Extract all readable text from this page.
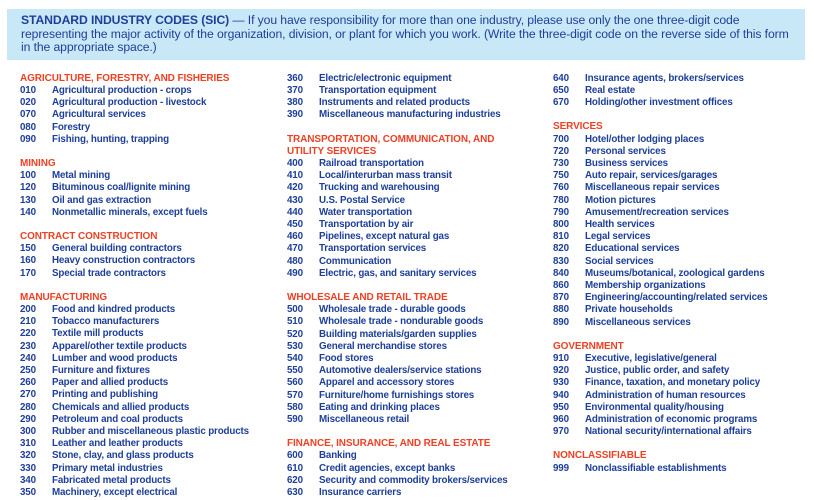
STANDARD INDUSTRY CODES (SIC) — If you have responsibility for more than one industry, please use only the one three-digit code representing the major activity of the organization, division, or plant for which you work. (Write the three-digit code on the reverse side of this form in the appropriate space.)
AGRICULTURE, FORESTRY, AND FISHERIES
010	Agricultural production - crops
020	Agricultural production - livestock
070	Agricultural services
080	Forestry
090	Fishing, hunting, trapping
MINING
100	Metal mining
120	Bituminous coal/lignite mining
130	Oil and gas extraction
140	Nonmetallic minerals, except fuels
CONTRACT CONSTRUCTION
150	General building contractors
160	Heavy construction contractors
170	Special trade contractors
MANUFACTURING
200	Food and kindred products
210	Tobacco manufacturers
220	Textile mill products
230	Apparel/other textile products
240	Lumber and wood products
250	Furniture and fixtures
260	Paper and allied products
270	Printing and publishing
280	Chemicals and allied products
290	Petroleum and coal products
300	Rubber and miscellaneous plastic products
310	Leather and leather products
320	Stone, clay, and glass products
330	Primary metal industries
340	Fabricated metal products
350	Machinery, except electrical
360	Electric/electronic equipment
370	Transportation equipment
380	Instruments and related products
390	Miscellaneous manufacturing industries
TRANSPORTATION, COMMUNICATION, AND UTILITY SERVICES
400	Railroad transportation
410	Local/interurban mass transit
420	Trucking and warehousing
430	U.S. Postal Service
440	Water transportation
450	Transportation by air
460	Pipelines, except natural gas
470	Transportation services
480	Communication
490	Electric, gas, and sanitary services
WHOLESALE AND RETAIL TRADE
500	Wholesale trade - durable goods
510	Wholesale trade - nondurable goods
520	Building materials/garden supplies
530	General merchandise stores
540	Food stores
550	Automotive dealers/service stations
560	Apparel and accessory stores
570	Furniture/home furnishings stores
580	Eating and drinking places
590	Miscellaneous retail
FINANCE, INSURANCE, AND REAL ESTATE
600	Banking
610	Credit agencies, except banks
620	Security and commodity brokers/services
630	Insurance carriers
640	Insurance agents, brokers/services
650	Real estate
670	Holding/other investment offices
SERVICES
700	Hotel/other lodging places
720	Personal services
730	Business services
750	Auto repair, services/garages
760	Miscellaneous repair services
780	Motion pictures
790	Amusement/recreation services
800	Health services
810	Legal services
820	Educational services
830	Social services
840	Museums/botanical, zoological gardens
860	Membership organizations
870	Engineering/accounting/related services
880	Private households
890	Miscellaneous services
GOVERNMENT
910	Executive, legislative/general
920	Justice, public order, and safety
930	Finance, taxation, and monetary policy
940	Administration of human resources
950	Environmental quality/housing
960	Administration of economic programs
970	National security/international affairs
NONCLASSIFIABLE
999	Nonclassifiable establishments
